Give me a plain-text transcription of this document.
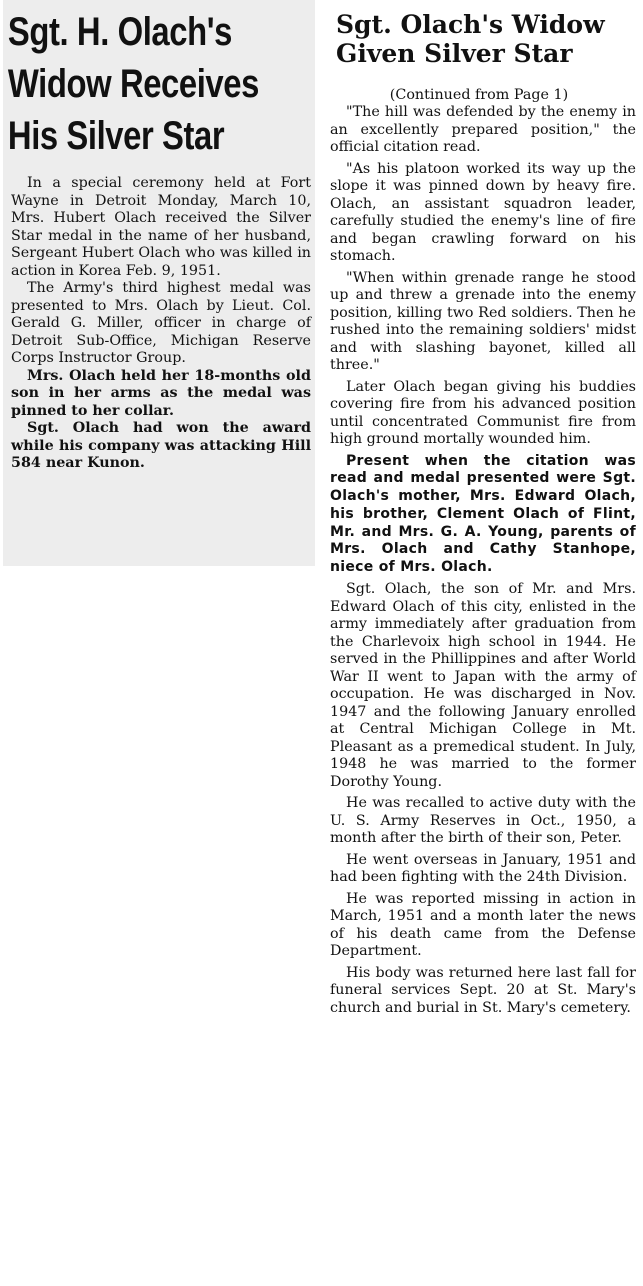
Sgt. H. Olach's
Widow Receives
His Silver Star

In a special ceremony held at Fort Wayne in Detroit Monday, March 10, Mrs. Hubert Olach received the Silver Star medal in the name of her husband, Sergeant Hubert Olach who was killed in action in Korea Feb. 9, 1951.

The Army's third highest medal was presented to Mrs. Olach by Lieut. Col. Gerald G. Miller, officer in charge of Detroit Sub-Office, Michigan Reserve Corps Instructor Group.

Mrs. Olach held her 18-months old son in her arms as the medal was pinned to her collar.

Sgt. Olach had won the award while his company was attacking Hill 584 near Kunon.

Sgt. Olach's Widow
Given Silver Star
(Continued from Page 1)

"The hill was defended by the enemy in an excellently prepared position," the official citation read.

"As his platoon worked its way up the slope it was pinned down by heavy fire. Olach, an assistant squadron leader, carefully studied the enemy's line of fire and began crawling forward on his stomach.

"When within grenade range he stood up and threw a grenade into the enemy position, killing two Red soldiers. Then he rushed into the remaining soldiers' midst and with slashing bayonet, killed all three."

Later Olach began giving his buddies covering fire from his advanced position until concentrated Communist fire from high ground mortally wounded him.

Present when the citation was read and medal presented were Sgt. Olach's mother, Mrs. Edward Olach, his brother, Clement Olach of Flint, Mr. and Mrs. G. A. Young, parents of Mrs. Olach and Cathy Stanhope, niece of Mrs. Olach.

Sgt. Olach, the son of Mr. and Mrs. Edward Olach of this city, enlisted in the army immediately after graduation from the Charlevoix high school in 1944. He served in the Phillippines and after World War II went to Japan with the army of occupation. He was discharged in Nov. 1947 and the following January enrolled at Central Michigan College in Mt. Pleasant as a premedical student. In July, 1948 he was married to the former Dorothy Young.

He was recalled to active duty with the U. S. Army Reserves in Oct., 1950, a month after the birth of their son, Peter.

He went overseas in January, 1951 and had been fighting with the 24th Division.

He was reported missing in action in March, 1951 and a month later the news of his death came from the Defense Department.

His body was returned here last fall for funeral services Sept. 20 at St. Mary's church and burial in St. Mary's cemetery.
